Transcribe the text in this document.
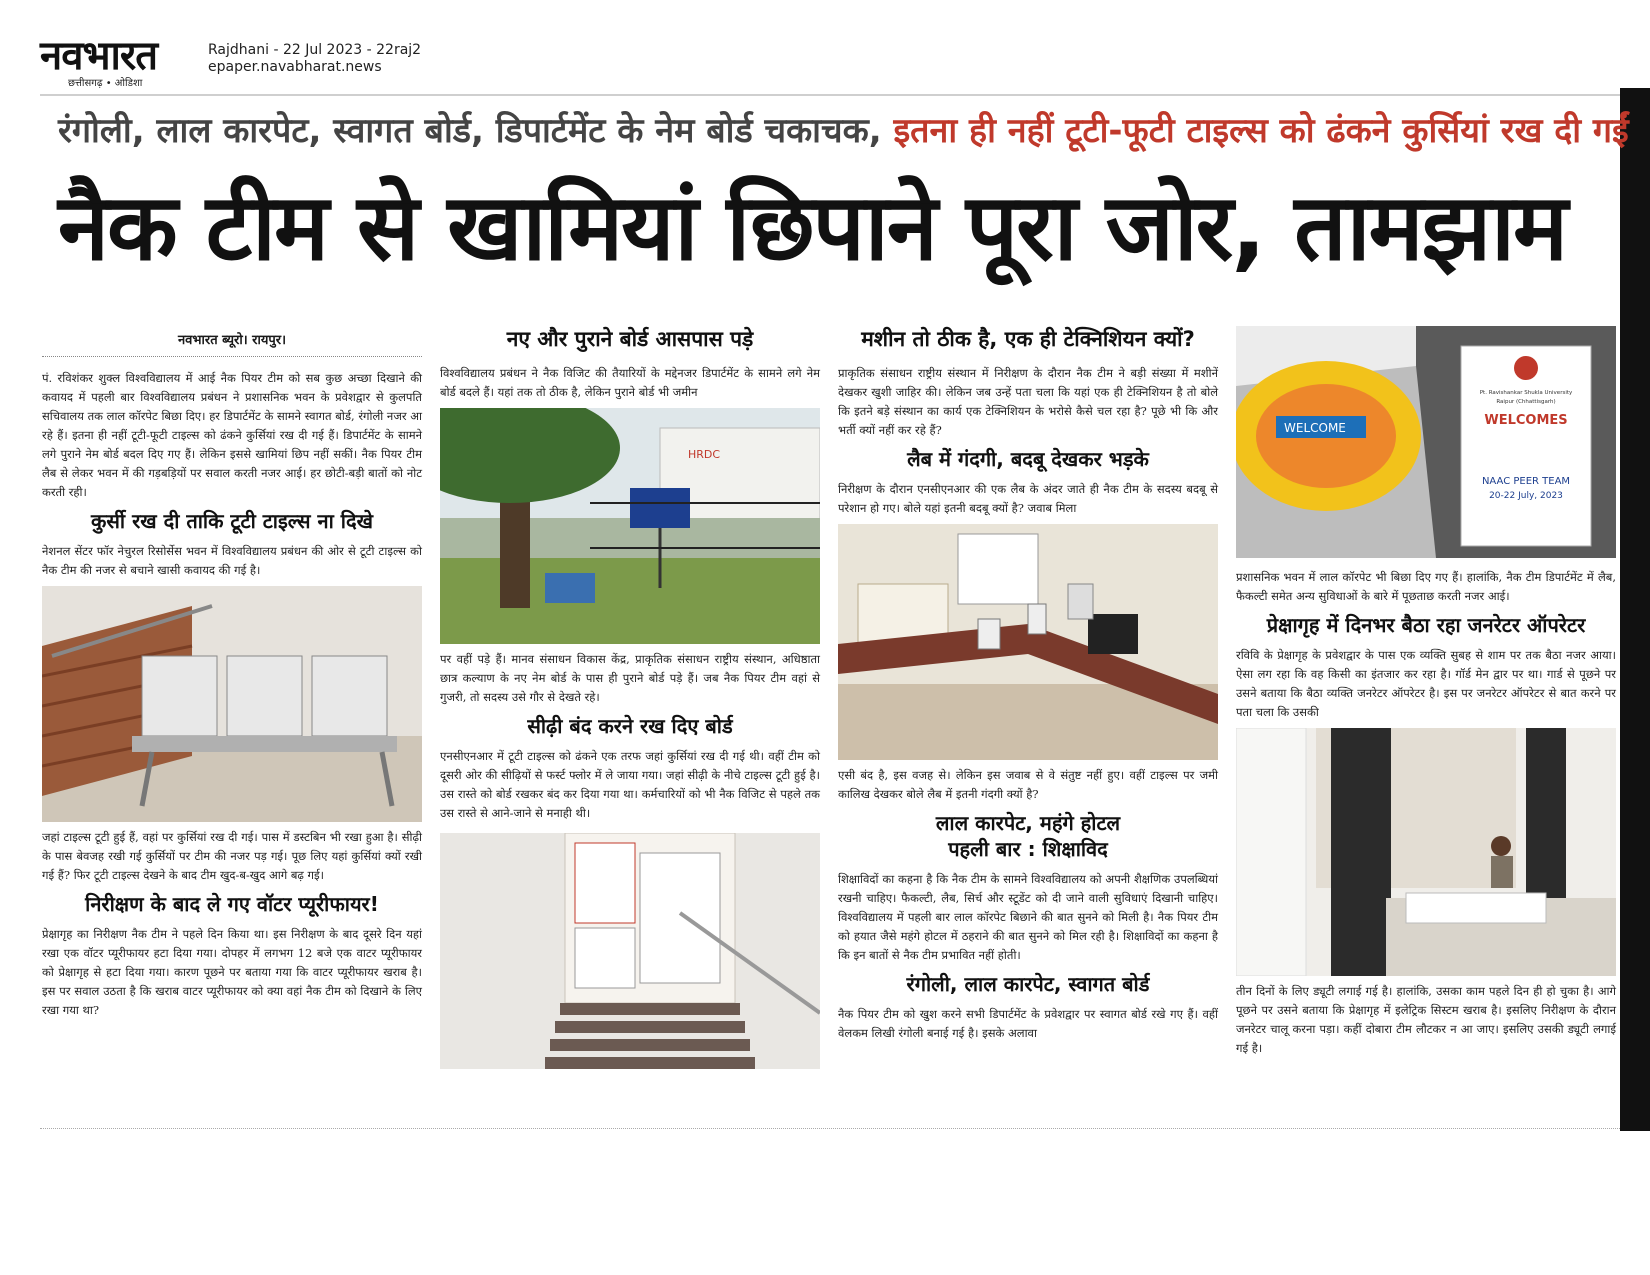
नवभारत
छत्तीसगढ़ • ओडिशा
Rajdhani - 22 Jul 2023 - 22raj2
epaper.navabharat.news
रंगोली, लाल कारपेट, स्वागत बोर्ड, डिपार्टमेंट के नेम बोर्ड चकाचक, इतना ही नहीं टूटी-फूटी टाइल्स को ढंकने कुर्सियां रख दी गईं
नैक टीम से खामियां छिपाने पूरा जोर, तामझाम
नवभारत ब्यूरो। रायपुर।

पं. रविशंकर शुक्ल विश्वविद्यालय में आई नैक पियर टीम को सब कुछ अच्छा दिखाने की कवायद में पहली बार विश्वविद्यालय प्रबंधन ने प्रशासनिक भवन के प्रवेशद्वार से कुलपति सचिवालय तक लाल कॉरपेट बिछा दिए। हर डिपार्टमेंट के सामने स्वागत बोर्ड, रंगोली नजर आ रहे हैं। इतना ही नहीं टूटी-फूटी टाइल्स को ढंकने कुर्सियां रख दी गई हैं। डिपार्टमेंट के सामने लगे पुराने नेम बोर्ड बदल दिए गए हैं। लेकिन इससे खामियां छिप नहीं सकीं। नैक पियर टीम लैब से लेकर भवन में की गड़बड़ियों पर सवाल करती नजर आई। हर छोटी-बड़ी बातों को नोट करती रही।

कुर्सी रख दी ताकि टूटी टाइल्स ना दिखे

नेशनल सेंटर फॉर नेचुरल रिसोर्सेस भवन में विश्वविद्यालय प्रबंधन की ओर से टूटी टाइल्स को नैक टीम की नजर से बचाने खासी कवायद की गई है।

जहां टाइल्स टूटी हुई हैं, वहां पर कुर्सियां रख दी गई। पास में डस्टबिन भी रखा हुआ है। सीढ़ी के पास बेवजह रखी गई कुर्सियों पर टीम की नजर पड़ गई। पूछ लिए यहां कुर्सियां क्यों रखी गई हैं? फिर टूटी टाइल्स देखने के बाद टीम खुद-ब-खुद आगे बढ़ गई।

निरीक्षण के बाद ले गए वॉटर प्यूरीफायर!

प्रेक्षागृह का निरीक्षण नैक टीम ने पहले दिन किया था। इस निरीक्षण के बाद दूसरे दिन यहां रखा एक वॉटर प्यूरीफायर हटा दिया गया। दोपहर में लगभग 12 बजे एक वाटर प्यूरीफायर को प्रेक्षागृह से हटा दिया गया। कारण पूछने पर बताया गया कि वाटर प्यूरीफायर खराब है। इस पर सवाल उठता है कि खराब वाटर प्यूरीफायर को क्या वहां नैक टीम को दिखाने के लिए रखा गया था?

नए और पुराने बोर्ड आसपास पड़े

विश्वविद्यालय प्रबंधन ने नैक विजिट की तैयारियों के मद्देनजर डिपार्टमेंट के सामने लगे नेम बोर्ड बदले हैं। यहां तक तो ठीक है, लेकिन पुराने बोर्ड भी जमीन

HRDC

पर वहीं पड़े हैं। मानव संसाधन विकास केंद्र, प्राकृतिक संसाधन राष्ट्रीय संस्थान, अधिष्ठाता छात्र कल्याण के नए नेम बोर्ड के पास ही पुराने बोर्ड पड़े हैं। जब नैक पियर टीम वहां से गुजरी, तो सदस्य उसे गौर से देखते रहे।

सीढ़ी बंद करने रख दिए बोर्ड

एनसीएनआर में टूटी टाइल्स को ढंकने एक तरफ जहां कुर्सियां रख दी गई थी। वहीं टीम को दूसरी ओर की सीढ़ियों से फर्स्ट फ्लोर में ले जाया गया। जहां सीढ़ी के नीचे टाइल्स टूटी हुई है। उस रास्ते को बोर्ड रखकर बंद कर दिया गया था। कर्मचारियों को भी नैक विजिट से पहले तक उस रास्ते से आने-जाने से मनाही थी।

मशीन तो ठीक है, एक ही टेक्निशियन क्यों?

प्राकृतिक संसाधन राष्ट्रीय संस्थान में निरीक्षण के दौरान नैक टीम ने बड़ी संख्या में मशीनें देखकर खुशी जाहिर की। लेकिन जब उन्हें पता चला कि यहां एक ही टेक्निशियन है तो बोले कि इतने बड़े संस्थान का कार्य एक टेक्निशियन के भरोसे कैसे चल रहा है? पूछे भी कि और भर्ती क्यों नहीं कर रहे हैं?

लैब में गंदगी, बदबू देखकर भड़के

निरीक्षण के दौरान एनसीएनआर की एक लैब के अंदर जाते ही नैक टीम के सदस्य बदबू से परेशान हो गए। बोले यहां इतनी बदबू क्यों है? जवाब मिला

एसी बंद है, इस वजह से। लेकिन इस जवाब से वे संतुष्ट नहीं हुए। वहीं टाइल्स पर जमी कालिख देखकर बोले लैब में इतनी गंदगी क्यों है?

लाल कारपेट, महंगे होटल
पहली बार : शिक्षाविद

शिक्षाविदों का कहना है कि नैक टीम के सामने विश्वविद्यालय को अपनी शैक्षणिक उपलब्धियां रखनी चाहिए। फैकल्टी, लैब, सिर्च और स्टूडेंट को दी जाने वाली सुविधाएं दिखानी चाहिए। विश्वविद्यालय में पहली बार लाल कॉरपेट बिछाने की बात सुनने को मिली है। नैक पियर टीम को हयात जैसे महंगे होटल में ठहराने की बात सुनने को मिल रही है। शिक्षाविदों का कहना है कि इन बातों से नैक टीम प्रभावित नहीं होती।

रंगोली, लाल कारपेट, स्वागत बोर्ड

नैक पियर टीम को खुश करने सभी डिपार्टमेंट के प्रवेशद्वार पर स्वागत बोर्ड रखे गए हैं। वहीं वेलकम लिखी रंगोली बनाई गई है। इसके अलावा

WELCOME
Pt. Ravishankar Shukla University
Raipur (Chhattisgarh)
WELCOMES
NAAC PEER TEAM
20-22 July, 2023

प्रशासनिक भवन में लाल कॉरपेट भी बिछा दिए गए हैं। हालांकि, नैक टीम डिपार्टमेंट में लैब, फैकल्टी समेत अन्य सुविधाओं के बारे में पूछताछ करती नजर आई।

प्रेक्षागृह में दिनभर बैठा रहा जनरेटर ऑपरेटर

रविवि के प्रेक्षागृह के प्रवेशद्वार के पास एक व्यक्ति सुबह से शाम पर तक बैठा नजर आया। ऐसा लग रहा कि वह किसी का इंतजार कर रहा है। गॉर्ड मेन द्वार पर था। गार्ड से पूछने पर उसने बताया कि बैठा व्यक्ति जनरेटर ऑपरेटर है। इस पर जनरेटर ऑपरेटर से बात करने पर पता चला कि उसकी

तीन दिनों के लिए ड्यूटी लगाई गई है। हालांकि, उसका काम पहले दिन ही हो चुका है। आगे पूछने पर उसने बताया कि प्रेक्षागृह में इलेट्रिक सिस्टम खराब है। इसलिए निरीक्षण के दौरान जनरेटर चालू करना पड़ा। कहीं दोबारा टीम लौटकर न आ जाए। इसलिए उसकी ड्यूटी लगाई गई है।
